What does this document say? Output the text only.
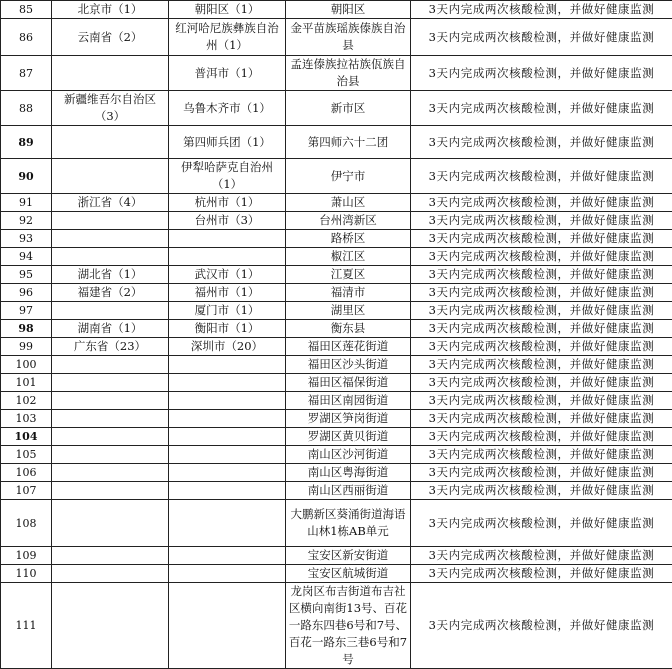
85	北京市（1）	朝阳区（1）	朝阳区	3天内完成两次核酸检测，并做好健康监测
86	云南省（2）	红河哈尼族彝族自治州（1）	金平苗族瑶族傣族自治县	3天内完成两次核酸检测，并做好健康监测
87		普洱市（1）	孟连傣族拉祜族佤族自治县	3天内完成两次核酸检测，并做好健康监测
88	新疆维吾尔自治区（3）	乌鲁木齐市（1）	新市区	3天内完成两次核酸检测，并做好健康监测
89		第四师兵团（1）	第四师六十二团	3天内完成两次核酸检测，并做好健康监测
90		伊犁哈萨克自治州（1）	伊宁市	3天内完成两次核酸检测，并做好健康监测
91	浙江省（4）	杭州市（1）	萧山区	3天内完成两次核酸检测，并做好健康监测
92		台州市（3）	台州湾新区	3天内完成两次核酸检测，并做好健康监测
93			路桥区	3天内完成两次核酸检测，并做好健康监测
94			椒江区	3天内完成两次核酸检测，并做好健康监测
95	湖北省（1）	武汉市（1）	江夏区	3天内完成两次核酸检测，并做好健康监测
96	福建省（2）	福州市（1）	福清市	3天内完成两次核酸检测，并做好健康监测
97		厦门市（1）	湖里区	3天内完成两次核酸检测，并做好健康监测
98	湖南省（1）	衡阳市（1）	衡东县	3天内完成两次核酸检测，并做好健康监测
99	广东省（23）	深圳市（20）	福田区莲花街道	3天内完成两次核酸检测，并做好健康监测
100			福田区沙头街道	3天内完成两次核酸检测，并做好健康监测
101			福田区福保街道	3天内完成两次核酸检测，并做好健康监测
102			福田区南园街道	3天内完成两次核酸检测，并做好健康监测
103			罗湖区笋岗街道	3天内完成两次核酸检测，并做好健康监测
104			罗湖区黄贝街道	3天内完成两次核酸检测，并做好健康监测
105			南山区沙河街道	3天内完成两次核酸检测，并做好健康监测
106			南山区粤海街道	3天内完成两次核酸检测，并做好健康监测
107			南山区西丽街道	3天内完成两次核酸检测，并做好健康监测
108			大鹏新区葵涌街道海语山林1栋AB单元	3天内完成两次核酸检测，并做好健康监测
109			宝安区新安街道	3天内完成两次核酸检测，并做好健康监测
110			宝安区航城街道	3天内完成两次核酸检测，并做好健康监测
111			龙岗区布吉街道布吉社区横向南街13号、百花一路东四巷6号和7号、百花一路东三巷6号和7号	3天内完成两次核酸检测，并做好健康监测
